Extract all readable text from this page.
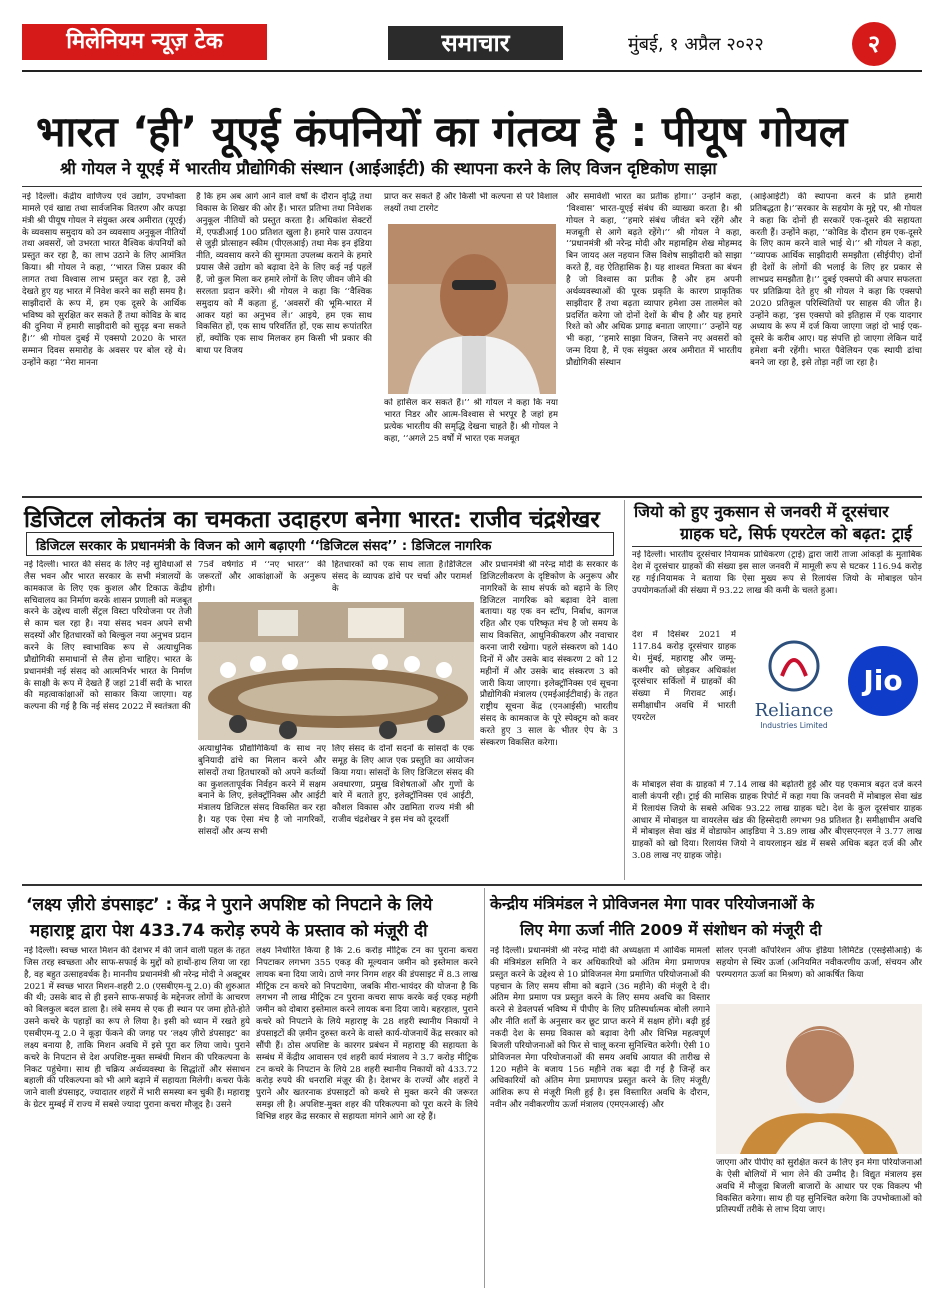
मिलेनियम न्यूज़ टेक	समाचार	मुंबई, १ अप्रैल २०२२	२
भारत ‘ही’ यूएई कंपनियों का गंतव्य है : पीयूष गोयल
श्री गोयल ने यूएई में भारतीय प्रौद्योगिकी संस्थान (आईआईटी) की स्थापना करने के लिए विजन दृष्टिकोण साझा
नई दिल्ली। केंद्रीय वाणिज्य एवं उद्योग, उपभोक्ता मामले एवं खाद्य तथा सार्वजनिक वितरण और कपड़ा मंत्री श्री पीयूष गोयल ने संयुक्त अरब अमीरात (यूएई) के व्यवसाय समुदाय को उन व्यवसाय अनुकूल नीतियों तथा अवसरों, जो उभरता भारत वैश्विक कंपनियों को प्रस्तुत कर रहा है, का लाभ उठाने के लिए आमंत्रित किया। श्री गोयल ने कहा, ‘‘भारत जिस प्रकार की लागत तथा विश्वास लाभ प्रस्तुत कर रहा है, उसे देखते हुए यह भारत में निवेश करने का सही समय है। साझीदारों के रूप में, हम एक दूसरे के आर्थिक भविष्य को सुरक्षित कर सकते हैं तथा कोविड के बाद की दुनिया में हमारी साझीदारी को सुदृढ़ बना सकते हैं।’’ श्री गोयल दुबई में एक्सपो 2020 के भारत सम्मान दिवस समारोह के अवसर पर बोल रहे थे। उन्होंने कहा ‘‘मेरा मानना
है कि हम अब आगे आने वाले वर्षों के दौरान वृद्धि तथा विकास के शिखर की ओर हैं। भारत प्रतिभा तथा निवेशक अनुकूल नीतियों को प्रस्तुत करता है। अधिकांश सेक्टरों में, एफडीआई 100 प्रतिशत खुला है। हमारे पास उत्पादन से जुड़ी प्रोत्साहन स्कीम (पीएलआई) तथा मेक इन इंडिया नीति, व्यवसाय करने की सुगमता उपलब्ध कराने के हमारे प्रयास जैसे उद्योग को बढ़ावा देने के लिए कई नई पहलें हैं, जो कुल मिला कर हमारे लोगों के लिए जीवन जीने की सरलता प्रदान करेंगे। श्री गोयल ने कहा कि ‘‘वैश्विक समुदाय को मैं कहता हूं, ‘अवसरों की भूमि-भारत में आकर यहां का अनुभव लें।’ आइये, हम एक साथ विकसित हों, एक साथ परिवर्तित हों, एक साथ रूपांतरित हों, क्योंकि एक साथ मिलकर हम किसी भी प्रकार की बाधा पर विजय
प्राप्त कर सकते हैं और किसी भी कल्पना से परे विशाल लक्ष्यों तथा टारगेट
को हासिल कर सकते हैं।’’ श्री गोयल ने कहा कि नया भारत निडर और आत्म-विश्वास से भरपूर है जहां हम प्रत्येक भारतीय की समृद्धि देखना चाहते हैं। श्री गोयल ने कहा, ‘‘अगले 25 वर्षों में भारत एक मजबूत
और समावेशी भारत का प्रतीक होगा।’’ उन्होंने कहा, ‘विश्वास’ भारत-यूएई संबंध की व्याख्या करता है। श्री गोयल ने कहा, ‘‘हमारे संबंध जीवंत बने रहेंगे और मजबूती से आगे बढ़ते रहेंगे।’’ श्री गोयल ने कहा, ‘‘प्रधानमंत्री श्री नरेन्द्र मोदी और महामहिम शेख मोहम्मद बिन जायद अल नहयान जिस विशेष साझीदारी को साझा करते हैं, वह ऐतिहासिक है। यह शाश्वत मित्रता का बंधन है जो विश्वास का प्रतीक है और हम अपनी अर्थव्यवस्थाओं की पूरक प्रकृति के कारण प्राकृतिक साझीदार हैं तथा बढ़ता व्यापार हमेशा उस तालमेल को प्रदर्शित करेगा जो दोनों देशों के बीच है और यह हमारे रिश्ते को और अधिक प्रगाढ़ बनाता जाएगा।’’ उन्होंने यह भी कहा, ‘‘हमारे साझा विजन, जिसने नए अवसरों को जन्म दिया है, में एक संयुक्त अरब अमीरात में भारतीय प्रौद्योगिकी संस्थान
(आईआईटी) की स्थापना करने के प्रति हमारी प्रतिबद्धता है।’’सरकार के सहयोग के मुद्दे पर, श्री गोयल ने कहा कि दोनों ही सरकारें एक-दूसरे की सहायता करती हैं। उन्होंने कहा, ‘‘कोविड के दौरान हम एक-दूसरे के लिए काम करने वाले भाई थे।’’ श्री गोयल ने कहा, ‘‘व्यापक आर्थिक साझीदारी समझौता (सीईपीए) दोनों ही देशों के लोगों की भलाई के लिए हर प्रकार से लाभप्रद समझौता है।’’ दुबई एक्सपो की अपार सफलता पर प्रतिक्रिया देते हुए श्री गोयल ने कहा कि एक्सपो 2020 प्रतिकूल परिस्थितियों पर साहस की जीत है। उन्होंने कहा, ‘इस एक्सपो को इतिहास में एक यादगार अध्याय के रूप में दर्ज किया जाएगा जहां दो भाई एक-दूसरे के करीब आए। यह संपत्ति हो जाएगा लेकिन यादें हमेशा बनी रहेंगी। भारत पैवेलियन एक स्थायी ढांचा बनने जा रहा है, इसे तोड़ा नहीं जा रहा है।
डिजिटल लोकतंत्र का चमकता उदाहरण बनेगा भारत: राजीव चंद्रशेखर
डिजिटल सरकार के प्रधानमंत्री के विजन को आगे बढ़ाएगी ‘‘डिजिटल संसद’’ : डिजिटल नागरिक
नई दिल्ली। भारत की संसद के लिए नई सुविधाओं से लैस भवन और भारत सरकार के सभी मंत्रालयों के कामकाज के लिए एक कुशल और टिकाऊ केंद्रीय सचिवालय का निर्माण करके शासन प्रणाली को मजबूत करने के उद्देश्य वाली सेंट्रल विस्टा परियोजना पर तेजी से काम चल रहा है। नया संसद भवन अपने सभी सदस्यों और हितधारकों को बिल्कुल नया अनुभव प्रदान करने के लिए स्वाभाविक रूप से अत्याधुनिक प्रौद्योगिकी समाधानों से लैस होना चाहिए। भारत के प्रधानमंत्री नई संसद को आत्मनिर्भर भारत के निर्माण के साक्षी के रूप में देखते हैं जहां 21वीं सदी के भारत की महत्वाकांक्षाओं को साकार किया जाएगा। यह कल्पना की गई है कि नई संसद 2022 में स्वतंत्रता की
75वें वर्षगांठ में ‘‘नए भारत’’ की जरूरतों और आकांक्षाओं के अनुरूप होगी।
हितधारकों को एक साथ लाता है।डिजिटल संसद के व्यापक ढांचे पर चर्चा और परामर्श के
अत्याधुनिक प्रौद्योगिकियों के साथ नए बुनियादी ढांचे का मिलान करने और सांसदों तथा हितधारकों को अपने कर्तव्यों का कुशलतापूर्वक निर्वहन करने में सक्षम बनाने के लिए, इलेक्ट्रॉनिक्स और आईटी मंत्रालय डिजिटल संसद विकसित कर रहा है। यह एक ऐसा मंच है जो नागरिकों, सांसदों और अन्य सभी
लिए संसद के दोनों सदनों के सांसदों के एक समूह के लिए आज एक प्रस्तुति का आयोजन किया गया। सांसदों के लिए डिजिटल संसद की अवधारणा, प्रमुख विशेषताओं और गुणों के बारे में बताते हुए, इलेक्ट्रॉनिक्स एवं आईटी, कौशल विकास और उद्यमिता राज्य मंत्री श्री राजीव चंद्रशेखर ने इस मंच को दूरदर्शी
और प्रधानमंत्री श्री नरेन्द्र मोदी के सरकार के डिजिटलीकरण के दृष्टिकोण के अनुरूप और नागरिकों के साथ संपर्क को बढ़ाने के लिए डिजिटल नागरिक को बढ़ावा देने वाला बताया। यह एक वन स्टॉप, निर्बाध, कागज रहित और एक परिष्कृत मंच है जो समय के साथ विकसित, आधुनिकीकरण और नवाचार करना जारी रखेगा। पहले संस्करण को 140 दिनों में और उसके बाद संस्करण 2 को 12 महीनों में और उसके बाद संस्करण 3 को जारी किया जाएगा। इलेक्ट्रॉनिक्स एवं सूचना प्रौद्योगिकी मंत्रालय (एमईआईटीवाई) के तहत राष्ट्रीय सूचना केंद्र (एनआईसी) भारतीय संसद के कामकाज के पूरे स्पेक्ट्रम को कवर करते हुए 3 साल के भीतर ऐप के 3 संस्करण विकसित करेगा।
जियो को हुए नुकसान से जनवरी में दूरसंचार
ग्राहक घटे, सिर्फ एयरटेल को बढ़त: ट्राई
नई दिल्ली। भारतीय दूरसंचार नियामक प्राधिकरण (ट्राई) द्वारा जारी ताजा आंकड़ों के मुताबिक देश में दूरसंचार ग्राहकों की संख्या इस साल जनवरी में मामूली रूप से घटकर 116.94 करोड़ रह गई।नियामक ने बताया कि ऐसा मुख्य रूप से रिलायंस जियो के मोबाइल फोन उपयोगकर्ताओं की संख्या में 93.22 लाख की कमी के चलते हुआ।
देश में दिसंबर 2021 में 117.84 करोड़ दूरसंचार ग्राहक थे। मुंबई, महाराष्ट्र और जम्मू-कश्मीर को छोड़कर अधिकांश दूरसंचार सर्किलों में ग्राहकों की संख्या में गिरावट आई। समीक्षाधीन अवधि में भारती एयरटेल	Reliance
Industries Limited
Jio
के मोबाइल सेवा के ग्राहकों में 7.14 लाख की बढ़ोतरी हुई और यह एकमात्र बढ़त दर्ज करने वाली कंपनी रही। ट्राई की मासिक ग्राहक रिपोर्ट में कहा गया कि जनवरी में मोबाइल सेवा खंड में रिलायंस जियो के सबसे अधिक 93.22 लाख ग्राहक घटे। देश के कुल दूरसंचार ग्राहक आधार में मोबाइल या वायरलेस खंड की हिस्सेदारी लगभग 98 प्रतिशत है। समीक्षाधीन अवधि में मोबाइल सेवा खंड में वोडाफोन आइडिया ने 3.89 लाख और बीएसएनएल ने 3.77 लाख ग्राहकों को खो दिया। रिलायंस जियो ने वायरलाइन खंड में सबसे अधिक बढ़त दर्ज की और 3.08 लाख नए ग्राहक जोड़े।
‘लक्ष्य ज़ीरो डंपसाइट’ : केंद्र ने पुराने अपशिष्ट को निपटाने के लिये
महाराष्ट्र द्वारा पेश 433.74 करोड़ रुपये के प्रस्ताव को मंज़ूरी दी
नई दिल्ली। स्वच्छ भारत मिशन की देशभर में की जाने वाली पहल के तहत जिस तरह स्वच्छता और साफ-सफाई के मुद्दों को हाथों-हाथ लिया जा रहा है, वह बहुत उत्साहवर्धक है। माननीय प्रधानमंत्री श्री नरेन्द्र मोदी ने अक्टूबर 2021 में स्वच्छ भारत मिशन-शहरी 2.0 (एसबीएम-यू 2.0) की शुरुआत की थी; उसके बाद से ही इसने साफ-सफाई के मद्देनजर लोगों के आचरण को बिलकुल बदल डाला है। लंबे समय से एक ही स्थान पर जमा होते-होते उसने कचरे के पहाड़ों का रूप ले लिया है। इसी को ध्यान में रखते हुये एसबीएम-यू 2.0 ने कूड़ा फेंकने की जगह पर ‘लक्ष्य ज़ीरो डंपसाइट’ का लक्ष्य बनाया है, ताकि मिशन अवधि में इसे पूरा कर लिया जाये। पुराने कचरे के निपटान से देश अपशिष्ट-मुक्त सम्बंधी मिशन की परिकल्पना के निकट पहुंचेगा। साथ ही चक्रिय अर्थव्यवस्था के सिद्धांतों और संसाधन बहाली की परिकल्पना को भी आगे बढ़ाने में सहायता मिलेगी। कचरा फेंके जाने वाली डंपसाइट्, ज्यादातर शहरों में भारी समस्या बन चुकी हैं। महाराष्ट्र के ग्रेटर मुम्बई में राज्य में सबसे ज्यादा पुराना कचरा मौजूद है। उसने
लक्ष्य निर्धारित किया है कि 2.6 करोड़ मीट्रिक टन का पुराना कचरा निपटाकर लगभग 355 एकड़ की मूल्यवान जमीन को इस्तेमाल करने लायक बना दिया जाये। ठाणे नगर निगम शहर की डंपसाइट में 8.3 लाख मीट्रिक टन कचरे को निपटायेगा, जबकि मीरा-भायंदर की योजना है कि लगभग नौ लाख मीट्रिक टन पुराना कचरा साफ करके कई एकड़ महंगी जमीन को दोबारा इस्तेमाल करने लायक बना दिया जाये। बहरहाल, पुराने कचरे को निपटाने के लिये महाराष्ट्र के 28 शहरी स्थानीय निकायों ने डंपसाइटों की ज़मीन दुरुस्त करने के वास्ते कार्य-योजनायें केंद्र सरकार को सौंपी हैं। ठोस अपशिष्ट के कारगर प्रबंधन में महाराष्ट्र की सहायता के सम्बंध में केंद्रीय आवासन एवं शहरी कार्य मंत्रालय ने 3.7 करोड़ मीट्रिक टन कचरे के निपटान के लिये 28 शहरी स्थानीय निकायों को 433.72 करोड़ रुपये की धनराशि मंज़ूर की है। देशभर के राज्यों और शहरों ने पुराने और खतरनाक डंपसाइटों को कचरे से मुक्त करने की जरूरत समझ ली है। अपशिष्ट-मुक्त शहर की परिकल्पना को पूरा करने के लिये विभिन्न शहर केंद्र सरकार से सहायता मांगने आगे आ रहे हैं।
केन्द्रीय मंत्रिमंडल ने प्रोविजनल मेगा पावर परियोजनाओं के
लिए मेगा ऊर्जा नीति 2009 में संशोधन को मंजूरी दी
नई दिल्ली। प्रधानमंत्री श्री नरेन्द्र मोदी की अध्यक्षता में आर्थिक मामलों की मंत्रिमंडल समिति ने कर अधिकारियों को अंतिम मेगा प्रमाणपत्र प्रस्तुत करने के उद्देश्य से 10 प्रोविजनल मेगा प्रमाणित परियोजनाओं की पहचान के लिए समय सीमा को बढ़ाने (36 महीने) की मंजूरी दे दी। अंतिम मेगा प्रमाण पत्र प्रस्तुत करने के लिए समय अवधि का विस्तार करने से डेवलपर्स भविष्य में पीपीए के लिए प्रतिस्पर्धात्मक बोली लगाने और नीति शर्तों के अनुसार कर छूट प्राप्त करने में सक्षम होंगे। बढ़ी हुई नकदी देश के समग्र विकास को बढ़ावा देगी और विभिन्न महत्वपूर्ण बिजली परियोजनाओं को फिर से चालू करना सुनिश्चित करेगी। ऐसी 10 प्रोविजनल मेगा परियोजनाओं की समय अवधि आयात की तारीख से 120 महीने के बजाय 156 महीने तक बढ़ा दी गई है जिन्हें कर अधिकारियों को अंतिम मेगा प्रमाणपत्र प्रस्तुत करने के लिए मंजूरी/आंशिक रूप से मंजूरी मिली हुई है। इस विस्तारित अवधि के दौरान, नवीन और नवीकरणीय ऊर्जा मंत्रालय (एमएनआरई) और
सोलर एनर्जी कॉर्पोरेशन ऑफ इंडिया लिमिटेड (एसईसीआई) के सहयोग से स्थिर ऊर्जा (अनियमित नवीकरणीय ऊर्जा, संचयन और परम्परागत ऊर्जा का मिश्रण) को आकर्षित किया
जाएगा और पीपीए को सुरक्षित करने के लिए इन मेगा परियोजनाओं के ऐसी बोलियों में भाग लेने की उम्मीद है। विद्युत मंत्रालय इस अवधि में मौजूदा बिजली बाजारों के आधार पर एक विकल्प भी विकसित करेगा। साथ ही यह सुनिश्चित करेगा कि उपभोक्ताओं को प्रतिस्पर्धी तरीके से लाभ दिया जाए।
